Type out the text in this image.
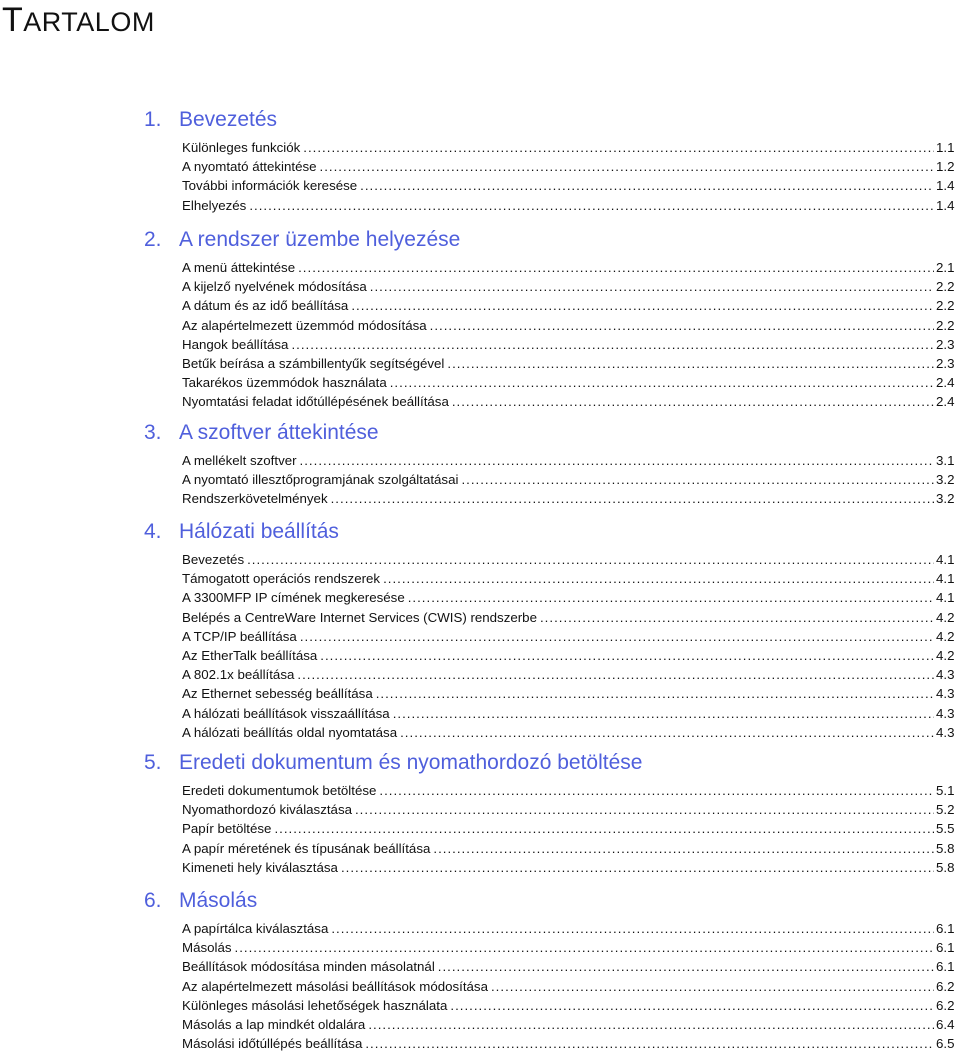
TARTALOM
1. Bevezetés
Különleges funkciók .....	1.1
A nyomtató áttekintése .....	1.2
További információk keresése .....	1.4
Elhelyezés .....	1.4
2. A rendszer üzembe helyezése
A menü áttekintése .....	2.1
A kijelző nyelvének módosítása .....	2.2
A dátum és az idő beállítása .....	2.2
Az alapértelmezett üzemmód módosítása .....	2.2
Hangok beállítása .....	2.3
Betűk beírása a számbillentyűk segítségével .....	2.3
Takarékos üzemmódok használata .....	2.4
Nyomtatási feladat időtúllépésének beállítása .....	2.4
3. A szoftver áttekintése
A mellékelt szoftver .....	3.1
A nyomtató illesztőprogramjának szolgáltatásai .....	3.2
Rendszerkövetelmények .....	3.2
4. Hálózati beállítás
Bevezetés .....	4.1
Támogatott operációs rendszerek .....	4.1
A 3300MFP IP címének megkeresése .....	4.1
Belépés a CentreWare Internet Services (CWIS) rendszerbe .....	4.2
A TCP/IP beállítása .....	4.2
Az EtherTalk beállítása .....	4.2
A 802.1x beállítása .....	4.3
Az Ethernet sebesség beállítása .....	4.3
A hálózati beállítások visszaállítása .....	4.3
A hálózati beállítás oldal nyomtatása .....	4.3
5. Eredeti dokumentum és nyomathordozó betöltése
Eredeti dokumentumok betöltése .....	5.1
Nyomathordozó kiválasztása .....	5.2
Papír betöltése .....	5.5
A papír méretének és típusának beállítása .....	5.8
Kimeneti hely kiválasztása .....	5.8
6. Másolás
A papírtálca kiválasztása .....	6.1
Másolás .....	6.1
Beállítások módosítása minden másolatnál .....	6.1
Az alapértelmezett másolási beállítások módosítása .....	6.2
Különleges másolási lehetőségek használata .....	6.2
Másolás a lap mindkét oldalára .....	6.4
Másolási időtúllépés beállítása .....	6.5
